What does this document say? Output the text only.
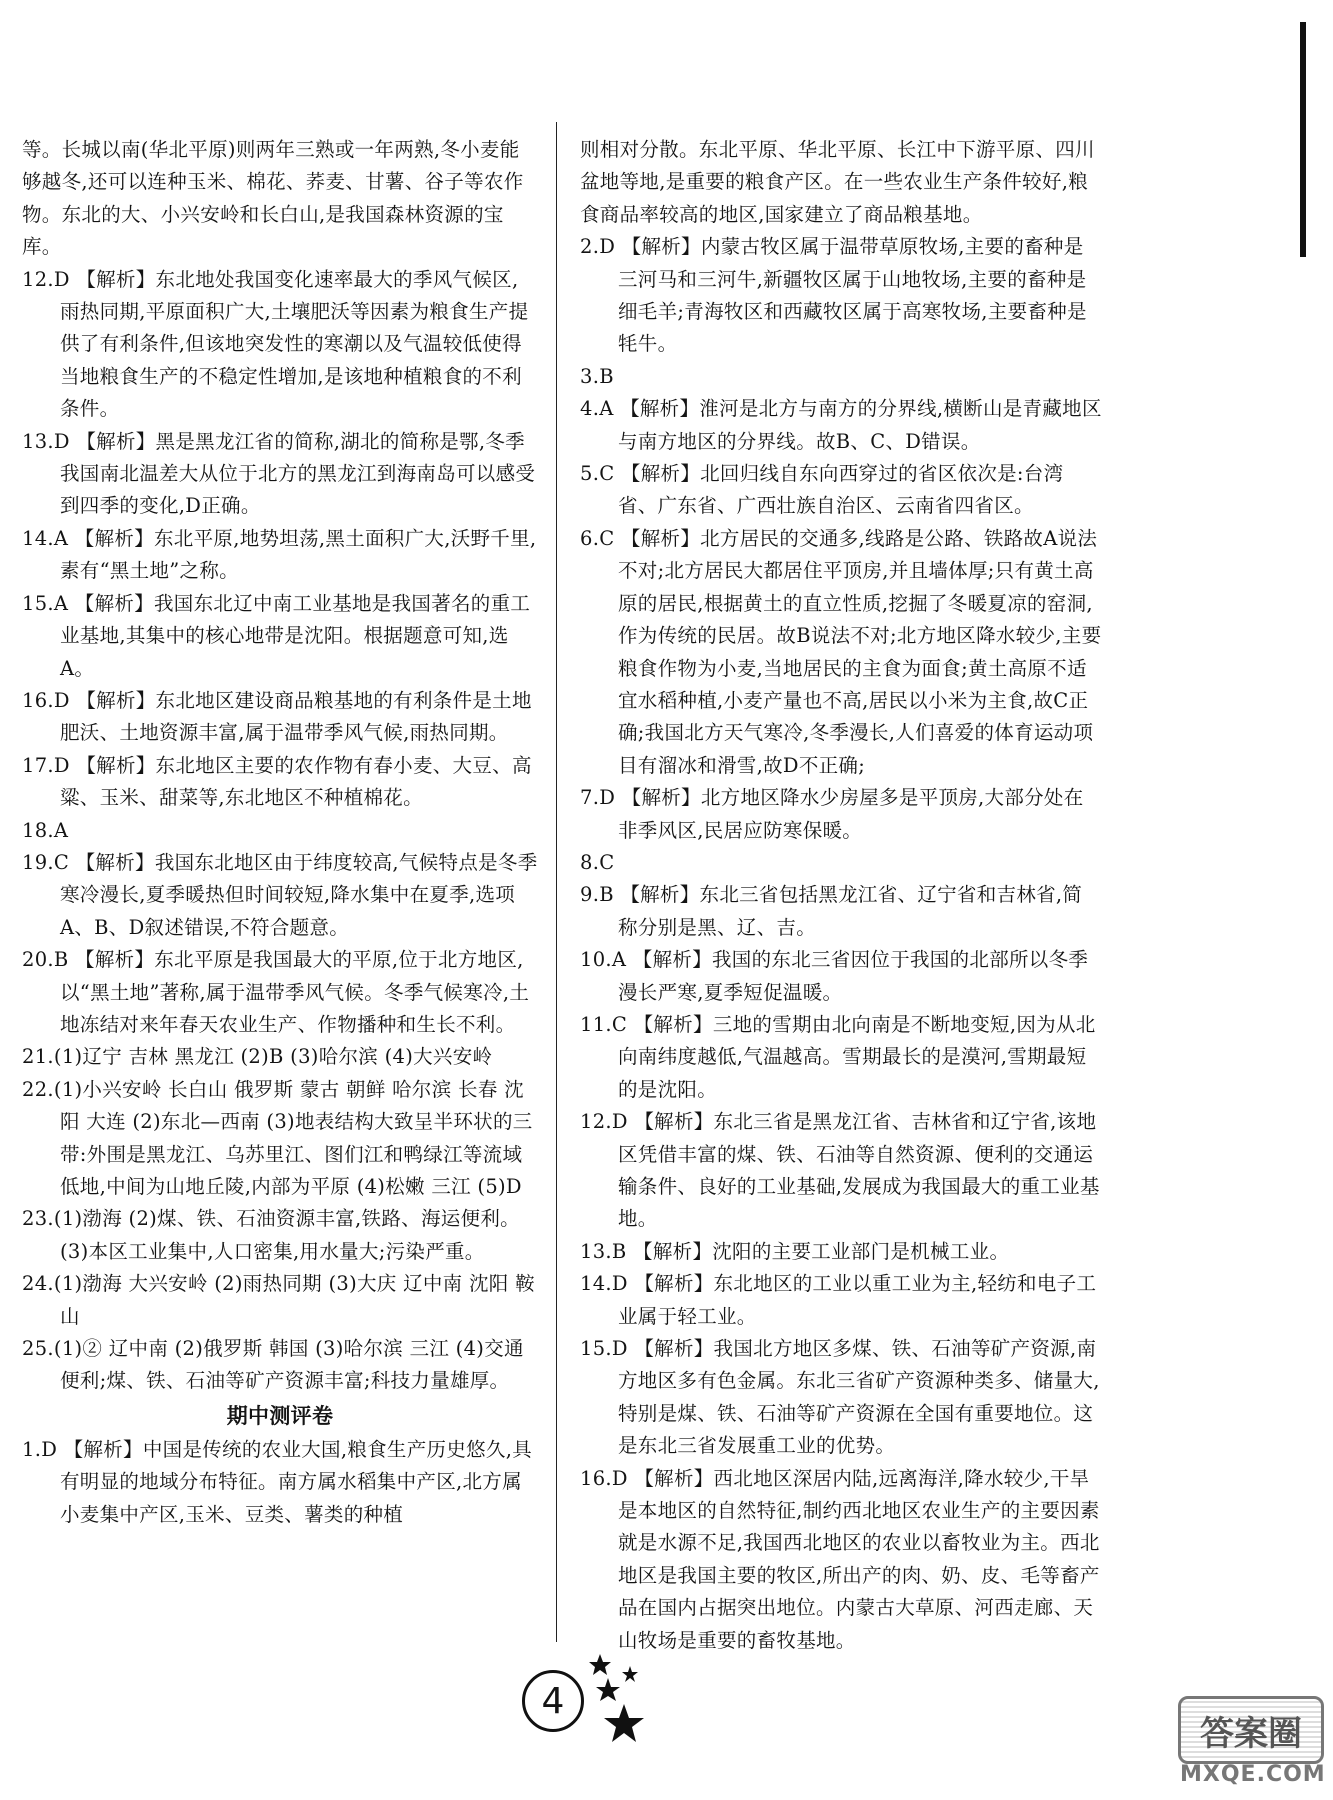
等。长城以南(华北平原)则两年三熟或一年两熟,冬小麦能够越冬,还可以连种玉米、棉花、荞麦、甘薯、谷子等农作物。东北的大、小兴安岭和长白山,是我国森林资源的宝库。

12.D 【解析】东北地处我国变化速率最大的季风气候区,雨热同期,平原面积广大,土壤肥沃等因素为粮食生产提供了有利条件,但该地突发性的寒潮以及气温较低使得当地粮食生产的不稳定性增加,是该地种植粮食的不利条件。

13.D 【解析】黑是黑龙江省的简称,湖北的简称是鄂,冬季我国南北温差大从位于北方的黑龙江到海南岛可以感受到四季的变化,D正确。

14.A 【解析】东北平原,地势坦荡,黑土面积广大,沃野千里,素有“黑土地”之称。

15.A 【解析】我国东北辽中南工业基地是我国著名的重工业基地,其集中的核心地带是沈阳。根据题意可知,选A。

16.D 【解析】东北地区建设商品粮基地的有利条件是土地肥沃、土地资源丰富,属于温带季风气候,雨热同期。

17.D 【解析】东北地区主要的农作物有春小麦、大豆、高粱、玉米、甜菜等,东北地区不种植棉花。

18.A

19.C 【解析】我国东北地区由于纬度较高,气候特点是冬季寒冷漫长,夏季暖热但时间较短,降水集中在夏季,选项A、B、D叙述错误,不符合题意。

20.B 【解析】东北平原是我国最大的平原,位于北方地区,以“黑土地”著称,属于温带季风气候。冬季气候寒冷,土地冻结对来年春天农业生产、作物播种和生长不利。

21.(1)辽宁 吉林 黑龙江 (2)B (3)哈尔滨 (4)大兴安岭

22.(1)小兴安岭 长白山 俄罗斯 蒙古 朝鲜 哈尔滨 长春 沈阳 大连 (2)东北—西南 (3)地表结构大致呈半环状的三带:外围是黑龙江、乌苏里江、图们江和鸭绿江等流域低地,中间为山地丘陵,内部为平原 (4)松嫩 三江 (5)D

23.(1)渤海 (2)煤、铁、石油资源丰富,铁路、海运便利。(3)本区工业集中,人口密集,用水量大;污染严重。

24.(1)渤海 大兴安岭 (2)雨热同期 (3)大庆 辽中南 沈阳 鞍山

25.(1)② 辽中南 (2)俄罗斯 韩国 (3)哈尔滨 三江 (4)交通便利;煤、铁、石油等矿产资源丰富;科技力量雄厚。

期中测评卷

1.D 【解析】中国是传统的农业大国,粮食生产历史悠久,具有明显的地域分布特征。南方属水稻集中产区,北方属小麦集中产区,玉米、豆类、薯类的种植

则相对分散。东北平原、华北平原、长江中下游平原、四川盆地等地,是重要的粮食产区。在一些农业生产条件较好,粮食商品率较高的地区,国家建立了商品粮基地。

2.D 【解析】内蒙古牧区属于温带草原牧场,主要的畜种是三河马和三河牛,新疆牧区属于山地牧场,主要的畜种是细毛羊;青海牧区和西藏牧区属于高寒牧场,主要畜种是牦牛。

3.B

4.A 【解析】淮河是北方与南方的分界线,横断山是青藏地区与南方地区的分界线。故B、C、D错误。

5.C 【解析】北回归线自东向西穿过的省区依次是:台湾省、广东省、广西壮族自治区、云南省四省区。

6.C 【解析】北方居民的交通多,线路是公路、铁路故A说法不对;北方居民大都居住平顶房,并且墙体厚;只有黄土高原的居民,根据黄土的直立性质,挖掘了冬暖夏凉的窑洞,作为传统的民居。故B说法不对;北方地区降水较少,主要粮食作物为小麦,当地居民的主食为面食;黄土高原不适宜水稻种植,小麦产量也不高,居民以小米为主食,故C正确;我国北方天气寒冷,冬季漫长,人们喜爱的体育运动项目有溜冰和滑雪,故D不正确;

7.D 【解析】北方地区降水少房屋多是平顶房,大部分处在非季风区,民居应防寒保暖。

8.C

9.B 【解析】东北三省包括黑龙江省、辽宁省和吉林省,简称分别是黑、辽、吉。

10.A 【解析】我国的东北三省因位于我国的北部所以冬季漫长严寒,夏季短促温暖。

11.C 【解析】三地的雪期由北向南是不断地变短,因为从北向南纬度越低,气温越高。雪期最长的是漠河,雪期最短的是沈阳。

12.D 【解析】东北三省是黑龙江省、吉林省和辽宁省,该地区凭借丰富的煤、铁、石油等自然资源、便利的交通运输条件、良好的工业基础,发展成为我国最大的重工业基地。

13.B 【解析】沈阳的主要工业部门是机械工业。

14.D 【解析】东北地区的工业以重工业为主,轻纺和电子工业属于轻工业。

15.D 【解析】我国北方地区多煤、铁、石油等矿产资源,南方地区多有色金属。东北三省矿产资源种类多、储量大,特别是煤、铁、石油等矿产资源在全国有重要地位。这是东北三省发展重工业的优势。

16.D 【解析】西北地区深居内陆,远离海洋,降水较少,干旱是本地区的自然特征,制约西北地区农业生产的主要因素就是水源不足,我国西北地区的农业以畜牧业为主。西北地区是我国主要的牧区,所出产的肉、奶、皮、毛等畜产品在国内占据突出地位。内蒙古大草原、河西走廊、天山牧场是重要的畜牧基地。

4
答案圈
MXQE.COM
